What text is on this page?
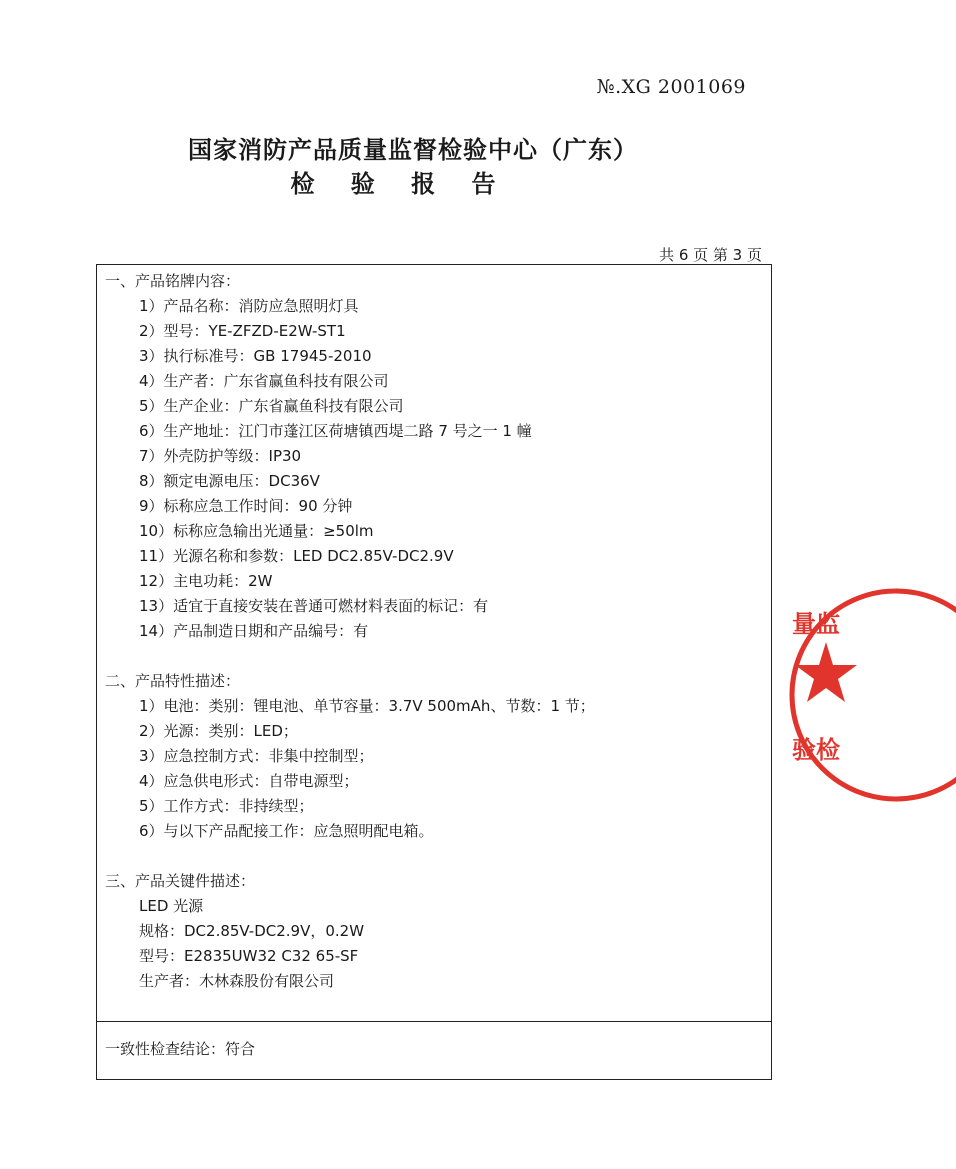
№.XG 2001069
国家消防产品质量监督检验中心（广东）
检 验 报 告
共 6 页 第 3 页
一、产品铭牌内容：
1）产品名称：消防应急照明灯具
2）型号：YE-ZFZD-E2W-ST1
3）执行标准号：GB 17945-2010
4）生产者：广东省赢鱼科技有限公司
5）生产企业：广东省赢鱼科技有限公司
6）生产地址：江门市蓬江区荷塘镇西堤二路 7 号之一 1 幢
7）外壳防护等级：IP30
8）额定电源电压：DC36V
9）标称应急工作时间：90 分钟
10）标称应急输出光通量：≥50lm
11）光源名称和参数：LED DC2.85V-DC2.9V
12）主电功耗：2W
13）适宜于直接安装在普通可燃材料表面的标记：有
14）产品制造日期和产品编号：有
二、产品特性描述：
1）电池：类别：锂电池、单节容量：3.7V 500mAh、节数：1 节；
2）光源：类别：LED；
3）应急控制方式：非集中控制型；
4）应急供电形式：自带电源型；
5）工作方式：非持续型；
6）与以下产品配接工作：应急照明配电箱。
三、产品关键件描述：
LED 光源
规格：DC2.85V-DC2.9V，0.2W
型号：E2835UW32 C32 65-SF
生产者：木林森股份有限公司
一致性检查结论：符合
量监
验检
